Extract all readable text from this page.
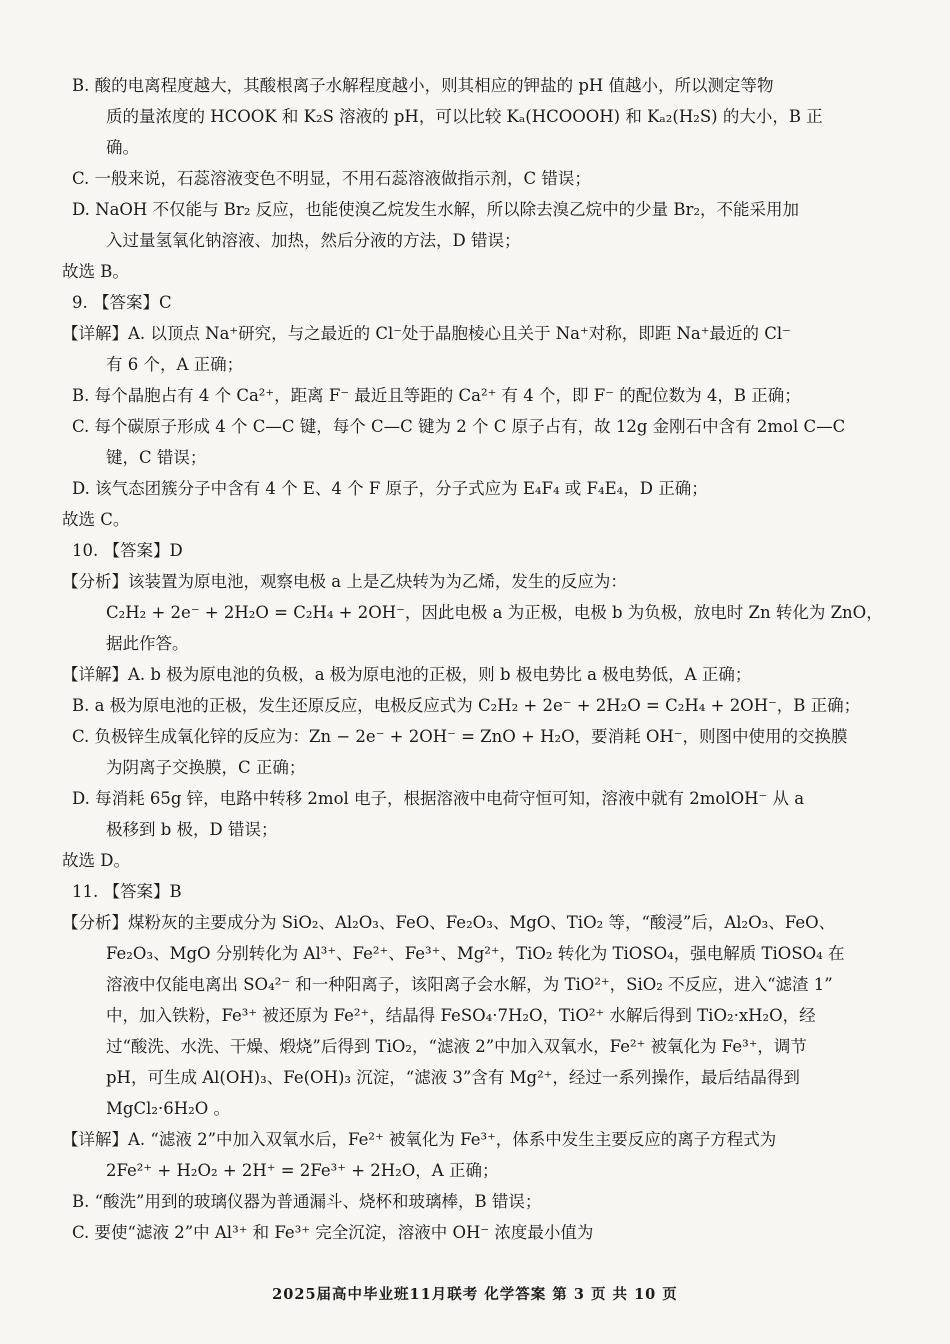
B. 酸的电离程度越大，其酸根离子水解程度越小，则其相应的钾盐的 pH 值越小，所以测定等物
质的量浓度的 HCOOK 和 K₂S 溶液的 pH，可以比较 Kₐ(HCOOOH) 和 Kₐ₂(H₂S) 的大小，B 正
确。
C. 一般来说，石蕊溶液变色不明显，不用石蕊溶液做指示剂，C 错误；
D. NaOH 不仅能与 Br₂ 反应，也能使溴乙烷发生水解，所以除去溴乙烷中的少量 Br₂，不能采用加
入过量氢氧化钠溶液、加热，然后分液的方法，D 错误；
故选 B。
9. 【答案】C
【详解】A. 以顶点 Na⁺研究，与之最近的 Cl⁻处于晶胞棱心且关于 Na⁺对称，即距 Na⁺最近的 Cl⁻
有 6 个，A 正确；
B. 每个晶胞占有 4 个 Ca²⁺，距离 F⁻ 最近且等距的 Ca²⁺ 有 4 个，即 F⁻ 的配位数为 4，B 正确；
C. 每个碳原子形成 4 个 C—C 键，每个 C—C 键为 2 个 C 原子占有，故 12g 金刚石中含有 2mol C—C
键，C 错误；
D. 该气态团簇分子中含有 4 个 E、4 个 F 原子，分子式应为 E₄F₄ 或 F₄E₄，D 正确；
故选 C。
10. 【答案】D
【分析】该装置为原电池，观察电极 a 上是乙炔转为为乙烯，发生的反应为：
C₂H₂ + 2e⁻ + 2H₂O = C₂H₄ + 2OH⁻，因此电极 a 为正极，电极 b 为负极，放电时 Zn 转化为 ZnO，
据此作答。
【详解】A. b 极为原电池的负极，a 极为原电池的正极，则 b 极电势比 a 极电势低，A 正确；
B. a 极为原电池的正极，发生还原反应，电极反应式为 C₂H₂ + 2e⁻ + 2H₂O = C₂H₄ + 2OH⁻，B 正确；
C. 负极锌生成氧化锌的反应为：Zn − 2e⁻ + 2OH⁻ = ZnO + H₂O，要消耗 OH⁻，则图中使用的交换膜
为阴离子交换膜，C 正确；
D. 每消耗 65g 锌，电路中转移 2mol 电子，根据溶液中电荷守恒可知，溶液中就有 2molOH⁻ 从 a
极移到 b 极，D 错误；
故选 D。
11. 【答案】B
【分析】煤粉灰的主要成分为 SiO₂、Al₂O₃、FeO、Fe₂O₃、MgO、TiO₂ 等，“酸浸”后，Al₂O₃、FeO、
Fe₂O₃、MgO 分别转化为 Al³⁺、Fe²⁺、Fe³⁺、Mg²⁺，TiO₂ 转化为 TiOSO₄，强电解质 TiOSO₄ 在
溶液中仅能电离出 SO₄²⁻ 和一种阳离子，该阳离子会水解，为 TiO²⁺，SiO₂ 不反应，进入“滤渣 1”
中，加入铁粉，Fe³⁺ 被还原为 Fe²⁺，结晶得 FeSO₄·7H₂O，TiO²⁺ 水解后得到 TiO₂·xH₂O，经
过“酸洗、水洗、干燥、煅烧”后得到 TiO₂，“滤液 2”中加入双氧水，Fe²⁺ 被氧化为 Fe³⁺，调节
pH，可生成 Al(OH)₃、Fe(OH)₃ 沉淀，“滤液 3”含有 Mg²⁺，经过一系列操作，最后结晶得到
MgCl₂·6H₂O 。
【详解】A. “滤液 2”中加入双氧水后，Fe²⁺ 被氧化为 Fe³⁺，体系中发生主要反应的离子方程式为
2Fe²⁺ + H₂O₂ + 2H⁺ = 2Fe³⁺ + 2H₂O，A 正确；
B. “酸洗”用到的玻璃仪器为普通漏斗、烧杯和玻璃棒，B 错误；
C. 要使“滤液 2”中 Al³⁺ 和 Fe³⁺ 完全沉淀，溶液中 OH⁻ 浓度最小值为
2025届高中毕业班11月联考 化学答案 第 3 页 共 10 页
